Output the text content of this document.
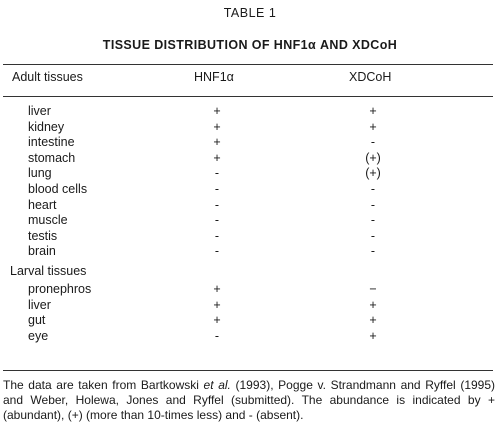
TABLE 1
TISSUE DISTRIBUTION OF HNF1α AND XDCoH
Adult tissues	HNF1α	XDCoH
liver	+	+
kidney	+	+
intestine	+	-
stomach	+	(+)
lung	-	(+)
blood cells	-	-
heart	-	-
muscle	-	-
testis	-	-
brain	-	-
Larval tissues
pronephros	+	−
liver	+	+
gut	+	+
eye	-	+
The data are taken from Bartkowski et al. (1993), Pogge v. Strandmann and Ryffel (1995) and Weber, Holewa, Jones and Ryffel (submitted). The abundance is indicated by + (abundant), (+) (more than 10-times less) and - (absent).
